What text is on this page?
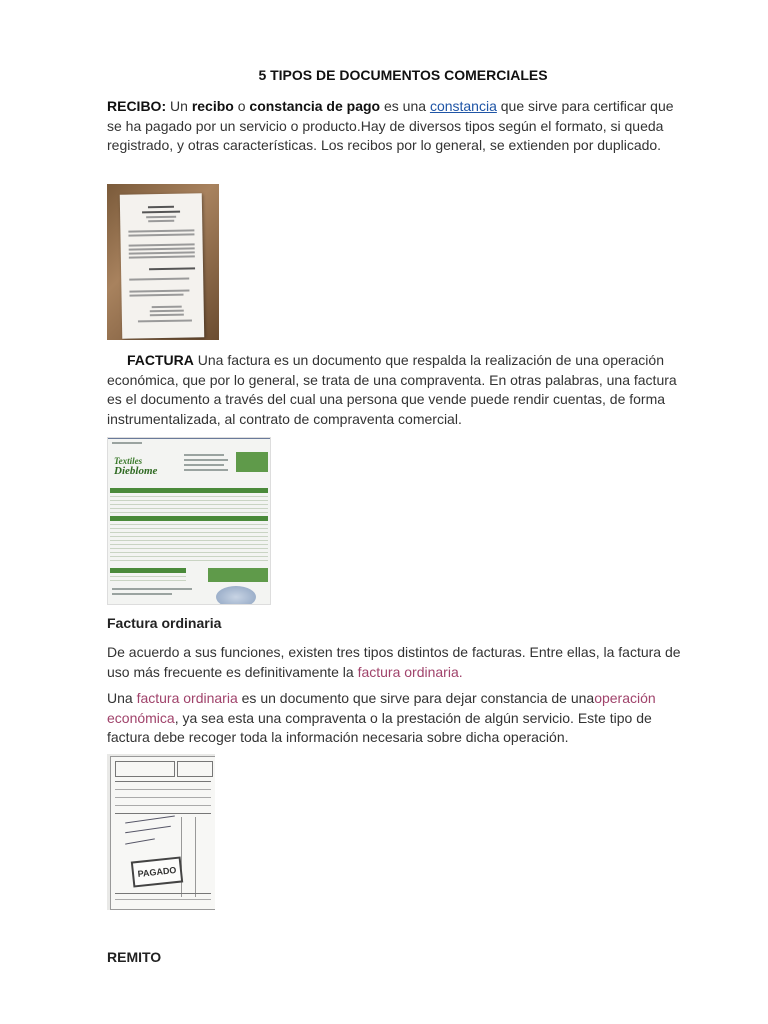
5 TIPOS DE DOCUMENTOS COMERCIALES

RECIBO: Un recibo o constancia de pago es una constancia que sirve para certificar que se ha pagado por un servicio o producto.Hay de diversos tipos según el formato, si queda registrado, y otras características. Los recibos por lo general, se extienden por duplicado.

FACTURA Una factura es un documento que respalda la realización de una operación económica, que por lo general, se trata de una compraventa. En otras palabras, una factura es el documento a través del cual una persona que vende puede rendir cuentas, de forma instrumentalizada, al contrato de compraventa comercial.

Textiles
Dieblome
Factura ordinaria

De acuerdo a sus funciones, existen tres tipos distintos de facturas. Entre ellas, la factura de uso más frecuente es definitivamente la factura ordinaria.

Una factura ordinaria es un documento que sirve para dejar constancia de unaoperación económica, ya sea esta una compraventa o la prestación de algún servicio. Este tipo de factura debe recoger toda la información necesaria sobre dicha operación.

PAGADO
REMITO
